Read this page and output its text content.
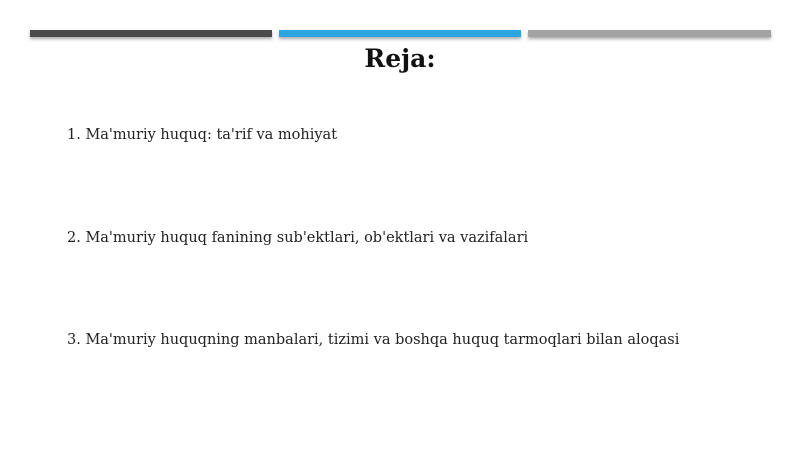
Reja:
1. Ma'muriy huquq: ta'rif va mohiyat
2. Ma'muriy huquq fanining sub'ektlari, ob'ektlari va vazifalari
3. Ma'muriy huquqning manbalari, tizimi va boshqa huquq tarmoqlari bilan aloqasi
